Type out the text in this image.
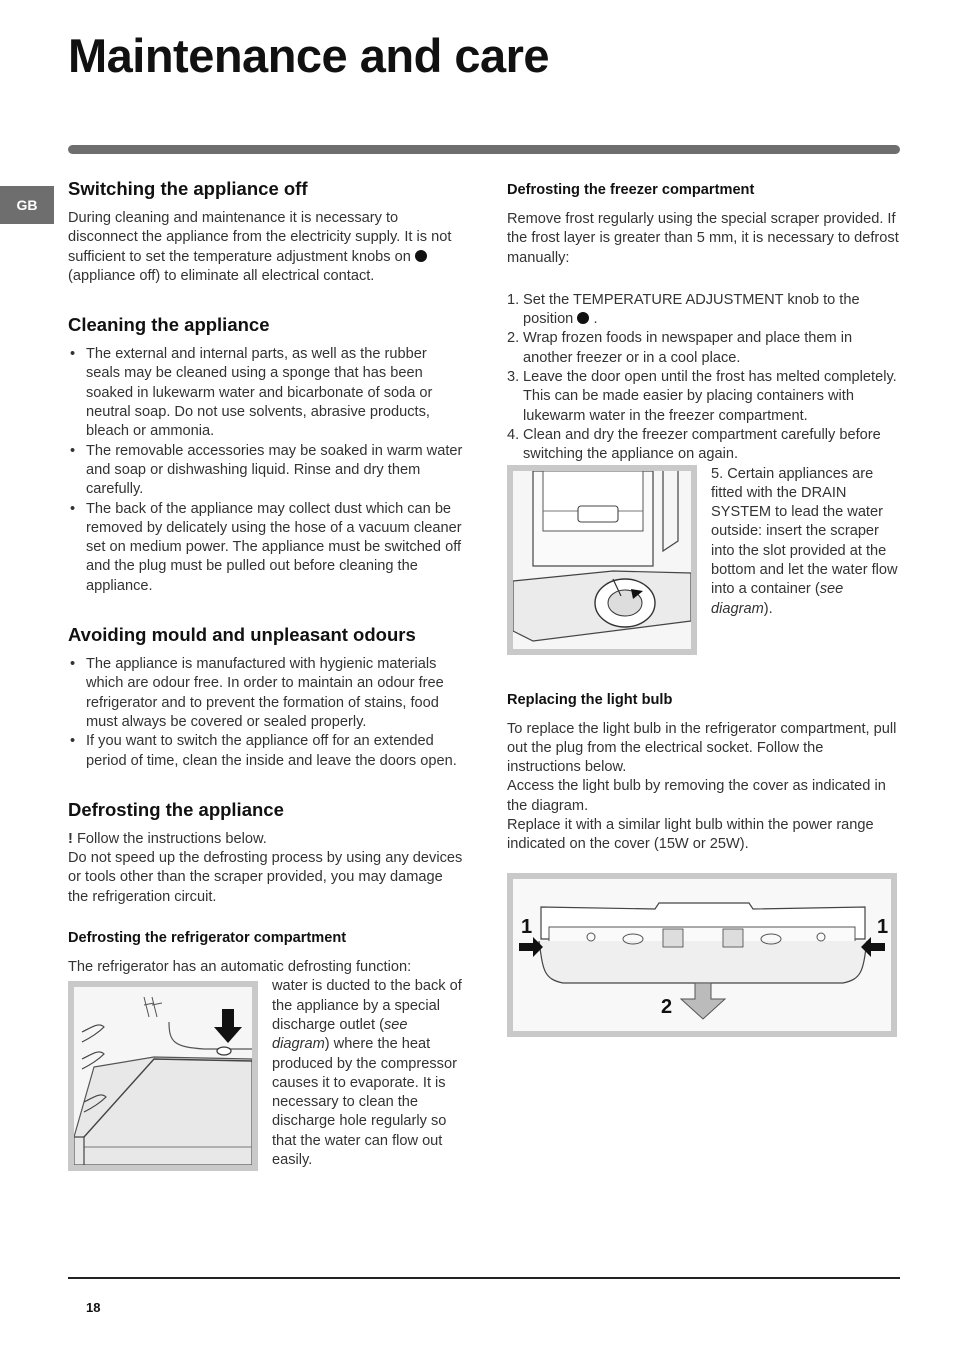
Maintenance and care
GB
Switching the appliance off

During cleaning and maintenance it is necessary to disconnect the appliance from the electricity supply. It is not sufficient to set the temperature adjustment knobs on  (appliance off) to eliminate all electrical contact.

Cleaning the appliance
• The external and internal parts, as well as the rubber seals may be cleaned using a sponge that has been soaked in lukewarm water and bicarbonate of soda or neutral soap. Do not use solvents, abrasive products, bleach or ammonia.
• The removable accessories may be soaked in warm water and soap or dishwashing liquid. Rinse and dry them carefully.
• The back of the appliance may collect dust which can be removed by delicately using the hose of a vacuum cleaner set on medium power. The appliance must be switched off and the plug must be pulled out before cleaning the appliance.
Avoiding mould and unpleasant odours
• The appliance is manufactured with hygienic materials which are odour free. In order to maintain an odour free refrigerator and to prevent the formation of stains, food must always be covered or sealed properly.
• If you want to switch the appliance off for an extended period of time, clean the inside and leave the doors open.
Defrosting the appliance

! Follow the instructions below.

Do not speed up the defrosting process by using any devices or tools other than the scraper provided, you may damage the refrigeration circuit.

Defrosting the refrigerator compartment

The refrigerator has an automatic defrosting function:

water is ducted to the back of the appliance by a special discharge outlet (see diagram) where the heat produced by the compressor causes it to evaporate. It is necessary to clean the discharge hole regularly so that the water can flow out easily.

Defrosting the freezer compartment

Remove frost regularly using the special scraper provided. If the frost layer is greater than 5 mm, it is necessary to defrost manually:

1. Set the TEMPERATURE ADJUSTMENT knob to the position .
2. Wrap frozen foods in newspaper and place them in another freezer or in a cool place.
3. Leave the door open until the frost has melted completely. This can be made easier by placing containers with lukewarm water in the freezer compartment.
4. Clean and dry the freezer compartment carefully before switching the appliance on again.

5. Certain appliances are fitted with the DRAIN SYSTEM to lead the water outside: insert the scraper into the slot provided at the bottom and let the water flow into a container (see diagram).

Replacing the light bulb

To replace the light bulb in the refrigerator compartment, pull out the plug from the electrical socket. Follow the instructions below.

Access the light bulb by removing the cover as indicated in the diagram.

Replace it with a similar light bulb within the power range indicated on the cover (15W or 25W).

1	1
2
18
